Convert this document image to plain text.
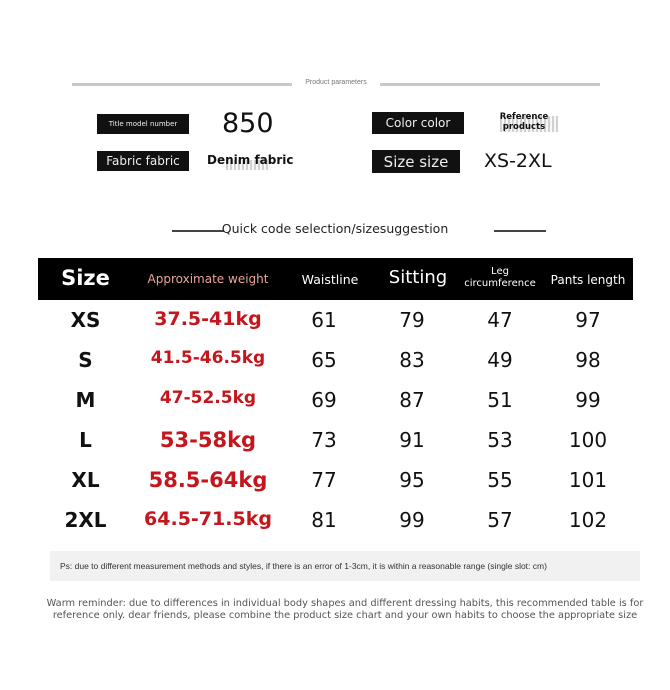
Product parameters
Title model number	850	Color color	Reference products
Fabric fabric	Denim fabric	Size size	XS-2XL
Quick code selection/sizesuggestion
Size	Approximate weight	Waistline	Sitting	Leg circumference	Pants length
XS	37.5-41kg	61	79	47	97
S	41.5-46.5kg	65	83	49	98
M	47-52.5kg	69	87	51	99
L	53-58kg	73	91	53	100
XL	58.5-64kg	77	95	55	101
2XL	64.5-71.5kg	81	99	57	102
Ps: due to different measurement methods and styles, if there is an error of 1-3cm, it is within a reasonable range (single slot: cm)
Warm reminder: due to differences in individual body shapes and different dressing habits, this recommended table is for reference only. dear friends, please combine the product size chart and your own habits to choose the appropriate size
